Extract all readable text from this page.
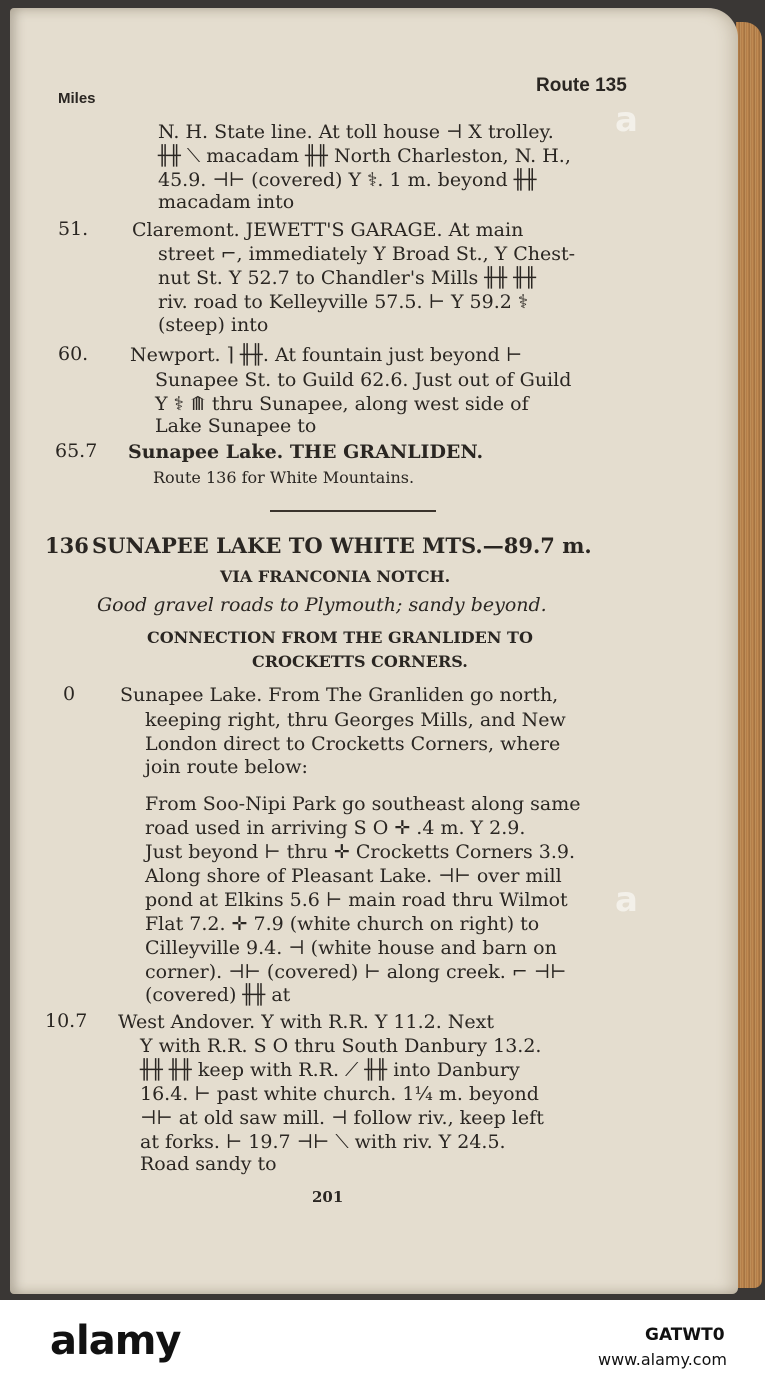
Miles
Route 135
N. H. State line. At toll house ⊣ X trolley.
╫╫ ⟍ macadam ╫╫ North Charleston, N. H.,
45.9. ⊣⊢ (covered) Y ⚕. 1 m. beyond ╫╫
macadam into
51. Claremont. JEWETT'S GARAGE. At main
street ⌐, immediately Y Broad St., Y Chest-
nut St. Y 52.7 to Chandler's Mills ╫╫ ╫╫
riv. road to Kelleyville 57.5. ⊢ Y 59.2 ⚕
(steep) into
60. Newport. ⌉ ╫╫. At fountain just beyond ⊢
Sunapee St. to Guild 62.6. Just out of Guild
Y ⚕ ⟰ thru Sunapee, along west side of
Lake Sunapee to
65.7 Sunapee Lake. THE GRANLIDEN.
Route 136 for White Mountains.
136 SUNAPEE LAKE TO WHITE MTS.—89.7 m.
VIA FRANCONIA NOTCH.
Good gravel roads to Plymouth; sandy beyond.
CONNECTION FROM THE GRANLIDEN TO
CROCKETTS CORNERS.
0 Sunapee Lake. From The Granliden go north,
keeping right, thru Georges Mills, and New
London direct to Crocketts Corners, where
join route below:
From Soo-Nipi Park go southeast along same
road used in arriving S O ✛ .4 m. Y 2.9.
Just beyond ⊢ thru ✛ Crocketts Corners 3.9.
Along shore of Pleasant Lake. ⊣⊢ over mill
pond at Elkins 5.6 ⊢ main road thru Wilmot
Flat 7.2. ✛ 7.9 (white church on right) to
Cilleyville 9.4. ⊣ (white house and barn on
corner). ⊣⊢ (covered) ⊢ along creek. ⌐ ⊣⊢
(covered) ╫╫ at
10.7 West Andover. Y with R.R. Y 11.2. Next
Y with R.R. S O thru South Danbury 13.2.
╫╫ ╫╫ keep with R.R. ⟋ ╫╫ into Danbury
16.4. ⊢ past white church. 1¼ m. beyond
⊣⊢ at old saw mill. ⊣ follow riv., keep left
at forks. ⊢ 19.7 ⊣⊢ ⟍ with riv. Y 24.5.
Road sandy to
201
a
a
alamy	GATWT0
www.alamy.com
